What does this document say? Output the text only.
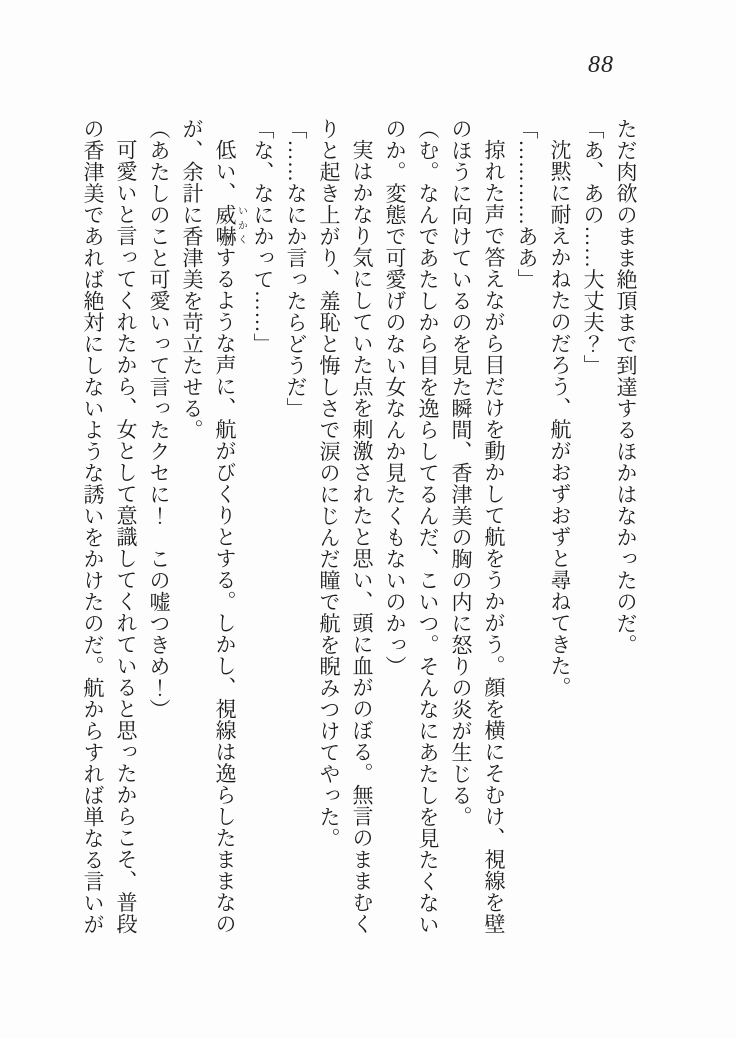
88

ただ肉欲のまま絶頂まで到達するほかはなかったのだ。

「あ、あの……大丈夫？」

沈黙に耐えかねたのだろう、航がおずおずと尋ねてきた。

「…………ああ」

掠れた声で答えながら目だけを動かして航をうかがう。顔を横にそむけ、視線を壁

のほうに向けているのを見た瞬間、香津美の胸の内に怒りの炎が生じる。

（む。なんであたしから目を逸らしてるんだ、こいつ。そんなにあたしを見たくない

のか。変態で可愛げのない女なんか見たくもないのかっ）

実はかなり気にしていた点を刺激されたと思い、頭に血がのぼる。無言のままむく

りと起き上がり、羞恥と悔しさで涙のにじんだ瞳で航を睨みつけてやった。

「……なにか言ったらどうだ」

「な、なにかって……」

低い、威嚇いかくするような声に、航がびくりとする。しかし、視線は逸らしたままなの

が、余計に香津美を苛立たせる。

（あたしのこと可愛いって言ったクセに！　この嘘つきめ！）

可愛いと言ってくれたから、女として意識してくれていると思ったからこそ、普段

の香津美であれば絶対にしないような誘いをかけたのだ。航からすれば単なる言いが
